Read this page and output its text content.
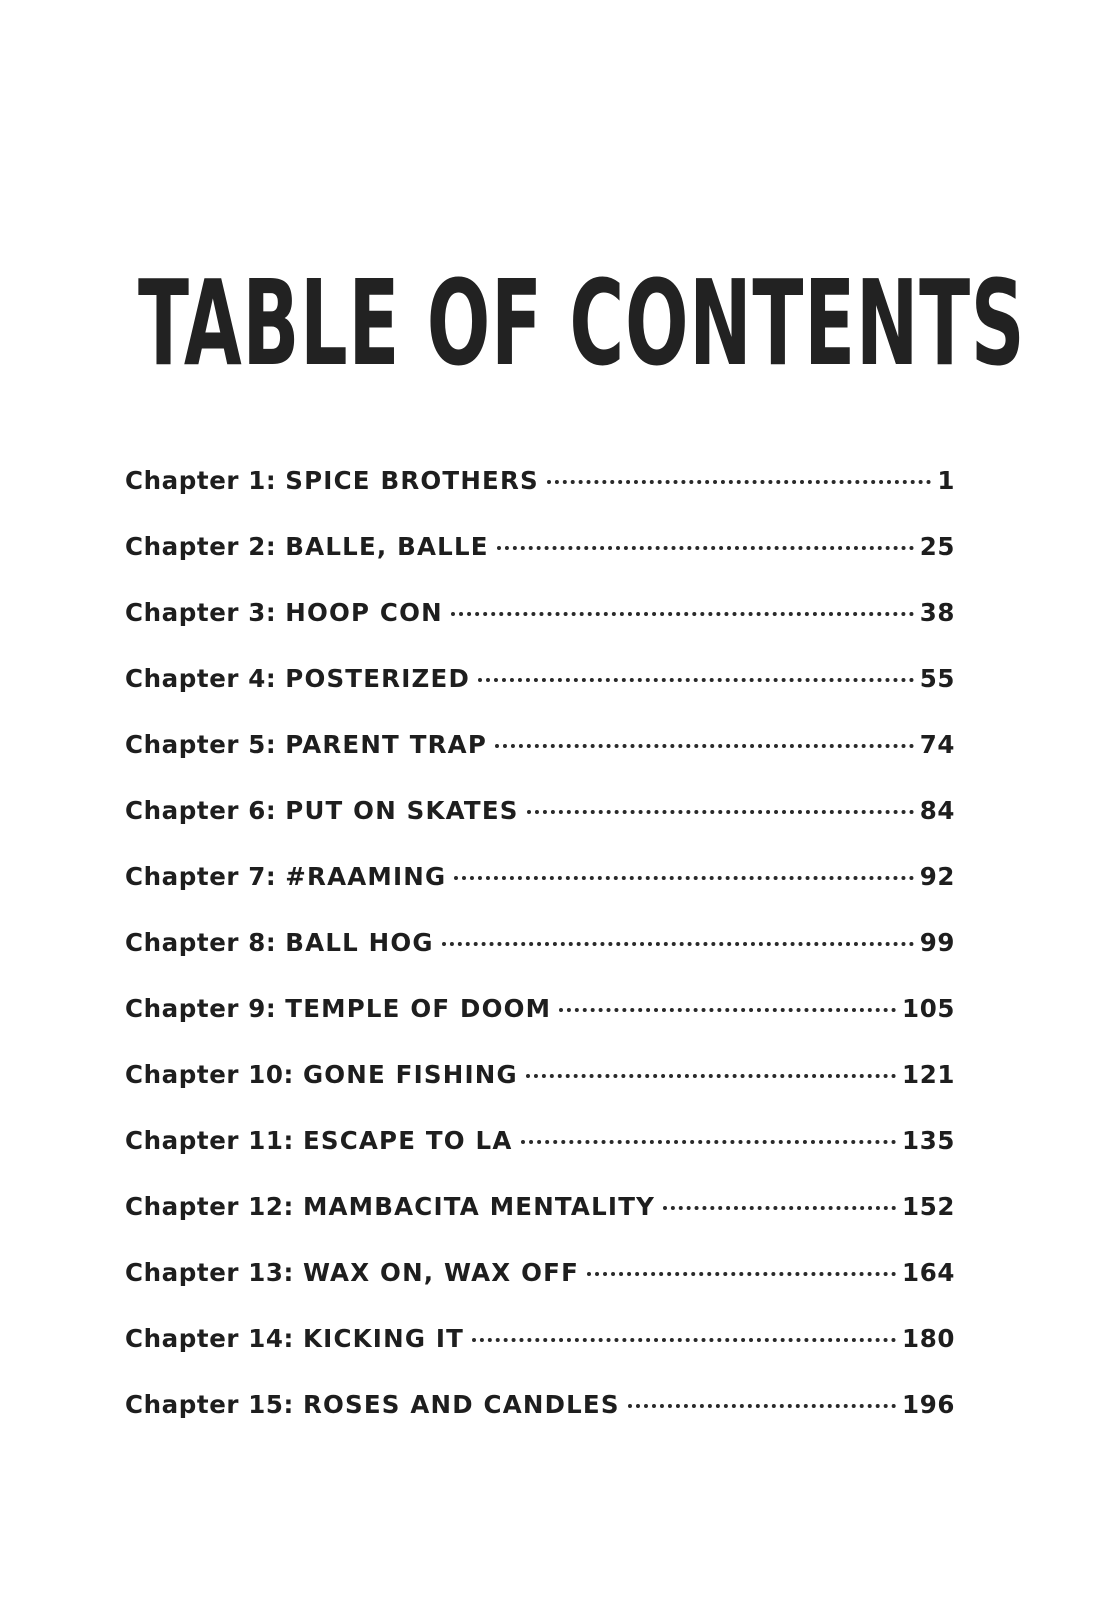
TABLE OF CONTENTS
Chapter 1: SPICE BROTHERS	1
Chapter 2: BALLE, BALLE	25
Chapter 3: HOOP CON	38
Chapter 4: POSTERIZED	55
Chapter 5: PARENT TRAP	74
Chapter 6: PUT ON SKATES	84
Chapter 7: #RAAMING	92
Chapter 8: BALL HOG	99
Chapter 9: TEMPLE OF DOOM	105
Chapter 10: GONE FISHING	121
Chapter 11: ESCAPE TO LA	135
Chapter 12: MAMBACITA MENTALITY	152
Chapter 13: WAX ON, WAX OFF	164
Chapter 14: KICKING IT	180
Chapter 15: ROSES AND CANDLES	196
